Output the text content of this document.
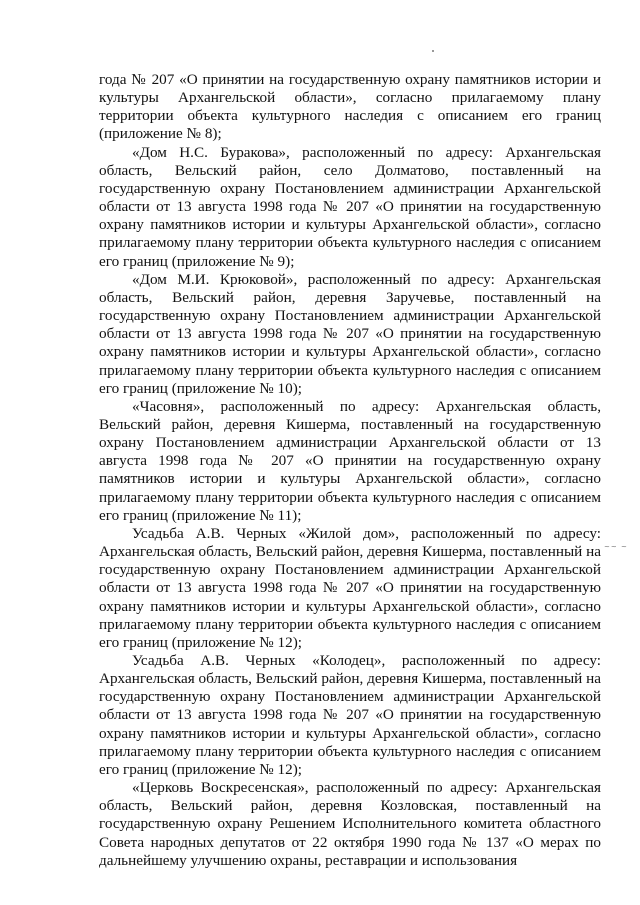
года № 207 «О принятии на государственную охрану памятников истории и культуры Архангельской области», согласно прилагаемому плану территории объекта культурного наследия с описанием его границ (приложение № 8);

«Дом Н.С. Буракова», расположенный по адресу: Архангельская область, Вельский район, село Долматово, поставленный на государственную охрану Постановлением администрации Архангельской области от 13 августа 1998 года № 207 «О принятии на государственную охрану памятников истории и культуры Архангельской области», согласно прилагаемому плану территории объекта культурного наследия с описанием его границ (приложение № 9);

«Дом М.И. Крюковой», расположенный по адресу: Архангельская область, Вельский район, деревня Заручевье, поставленный на государственную охрану Постановлением администрации Архангельской области от 13 августа 1998 года № 207 «О принятии на государственную охрану памятников истории и культуры Архангельской области», согласно прилагаемому плану территории объекта культурного наследия с описанием его границ (приложение № 10);

«Часовня», расположенный по адресу: Архангельская область, Вельский район, деревня Кишерма, поставленный на государственную охрану Постановлением администрации Архангельской области от 13 августа 1998 года № 207 «О принятии на государственную охрану памятников истории и культуры Архангельской области», согласно прилагаемому плану территории объекта культурного наследия с описанием его границ (приложение № 11);

Усадьба А.В. Черных «Жилой дом», расположенный по адресу: Архангельская область, Вельский район, деревня Кишерма, поставленный на государственную охрану Постановлением администрации Архангельской области от 13 августа 1998 года № 207 «О принятии на государственную охрану памятников истории и культуры Архангельской области», согласно прилагаемому плану территории объекта культурного наследия с описанием его границ (приложение № 12);

Усадьба А.В. Черных «Колодец», расположенный по адресу: Архангельская область, Вельский район, деревня Кишерма, поставленный на государственную охрану Постановлением администрации Архангельской области от 13 августа 1998 года № 207 «О принятии на государственную охрану памятников истории и культуры Архангельской области», согласно прилагаемому плану территории объекта культурного наследия с описанием его границ (приложение № 12);

«Церковь Воскресенская», расположенный по адресу: Архангельская область, Вельский район, деревня Козловская, поставленный на государственную охрану Решением Исполнительного комитета областного Совета народных депутатов от 22 октября 1990 года № 137 «О мерах по дальнейшему улучшению охраны, реставрации и использования

~~ ~
